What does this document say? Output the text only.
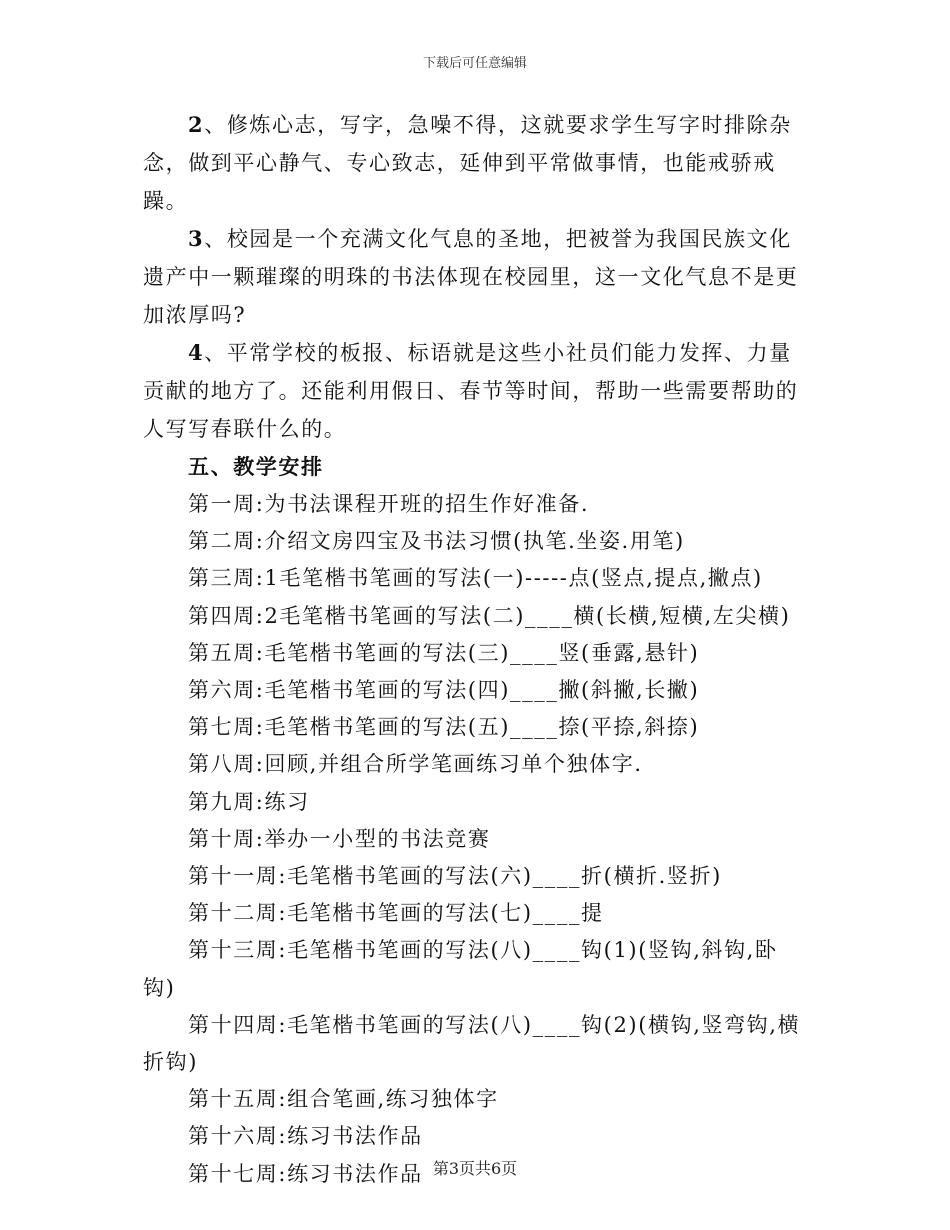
下载后可任意编辑

2、修炼心志，写字，急噪不得，这就要求学生写字时排除杂念，做到平心静气、专心致志，延伸到平常做事情，也能戒骄戒躁。

3、校园是一个充满文化气息的圣地，把被誉为我国民族文化遗产中一颗璀璨的明珠的书法体现在校园里，这一文化气息不是更加浓厚吗?

4、平常学校的板报、标语就是这些小社员们能力发挥、力量贡献的地方了。还能利用假日、春节等时间，帮助一些需要帮助的人写写春联什么的。

五、教学安排

第一周:为书法课程开班的招生作好准备.

第二周:介绍文房四宝及书法习惯(执笔.坐姿.用笔)

第三周:1毛笔楷书笔画的写法(一)-----点(竖点,提点,撇点)

第四周:2毛笔楷书笔画的写法(二)____横(长横,短横,左尖横)

第五周:毛笔楷书笔画的写法(三)____竖(垂露,悬针)

第六周:毛笔楷书笔画的写法(四)____撇(斜撇,长撇)

第七周:毛笔楷书笔画的写法(五)____捺(平捺,斜捺)

第八周:回顾,并组合所学笔画练习单个独体字.

第九周:练习

第十周:举办一小型的书法竞赛

第十一周:毛笔楷书笔画的写法(六)____折(横折.竖折)

第十二周:毛笔楷书笔画的写法(七)____提

第十三周:毛笔楷书笔画的写法(八)____钩(1)(竖钩,斜钩,卧钩)

第十四周:毛笔楷书笔画的写法(八)____钩(2)(横钩,竖弯钩,横折钩)

第十五周:组合笔画,练习独体字

第十六周:练习书法作品

第十七周:练习书法作品 第3页共6页
